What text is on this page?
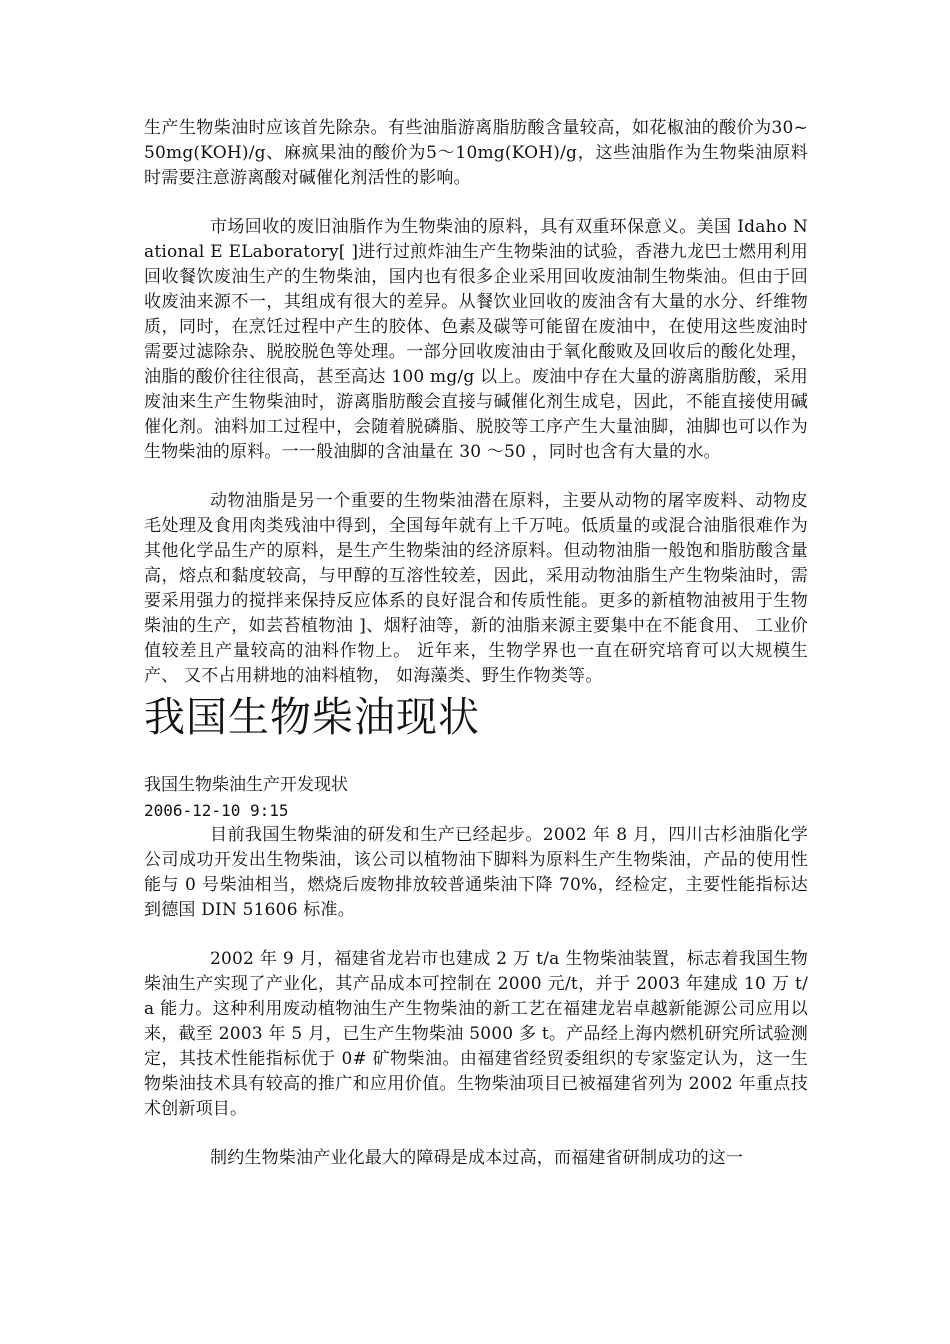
生产生物柴油时应该首先除杂。有些油脂游离脂肪酸含量较高，如花椒油的酸价为30~50mg(KOH)/g、麻疯果油的酸价为5～10mg(KOH)/g，这些油脂作为生物柴油原料时需要注意游离酸对碱催化剂活性的影响。

市场回收的废旧油脂作为生物柴油的原料，具有双重环保意义。美国 Idaho National E ELaboratory[ ]进行过煎炸油生产生物柴油的试验，香港九龙巴士燃用利用回收餐饮废油生产的生物柴油，国内也有很多企业采用回收废油制生物柴油。但由于回收废油来源不一，其组成有很大的差异。从餐饮业回收的废油含有大量的水分、纤维物质，同时，在烹饪过程中产生的胶体、色素及碳等可能留在废油中，在使用这些废油时需要过滤除杂、脱胶脱色等处理。一部分回收废油由于氧化酸败及回收后的酸化处理，油脂的酸价往往很高，甚至高达 100 mg/g 以上。废油中存在大量的游离脂肪酸，采用废油来生产生物柴油时，游离脂肪酸会直接与碱催化剂生成皂，因此，不能直接使用碱催化剂。油料加工过程中，会随着脱磷脂、脱胶等工序产生大量油脚，油脚也可以作为生物柴油的原料。一一般油脚的含油量在 30 ～50 ，同时也含有大量的水。

动物油脂是另一个重要的生物柴油潜在原料，主要从动物的屠宰废料、动物皮毛处理及食用肉类残油中得到，全国每年就有上千万吨。低质量的或混合油脂很难作为其他化学品生产的原料，是生产生物柴油的经济原料。但动物油脂一般饱和脂肪酸含量高，熔点和黏度较高，与甲醇的互溶性较差，因此，采用动物油脂生产生物柴油时，需要采用强力的搅拌来保持反应体系的良好混合和传质性能。更多的新植物油被用于生物柴油的生产，如芸苔植物油 ]、烟籽油等，新的油脂来源主要集中在不能食用、 工业价值较差且产量较高的油料作物上。 近年来，生物学界也一直在研究培育可以大规模生产、 又不占用耕地的油料植物， 如海藻类、野生作物类等。

我国生物柴油现状

我国生物柴油生产开发现状

2006-12-10 9:15

目前我国生物柴油的研发和生产已经起步。2002 年 8 月，四川古杉油脂化学公司成功开发出生物柴油，该公司以植物油下脚料为原料生产生物柴油，产品的使用性能与 0 号柴油相当，燃烧后废物排放较普通柴油下降 70%，经检定，主要性能指标达到德国 DIN 51606 标准。

2002 年 9 月，福建省龙岩市也建成 2 万 t/a 生物柴油装置，标志着我国生物柴油生产实现了产业化，其产品成本可控制在 2000 元/t，并于 2003 年建成 10 万 t/a 能力。这种利用废动植物油生产生物柴油的新工艺在福建龙岩卓越新能源公司应用以来，截至 2003 年 5 月，已生产生物柴油 5000 多 t。产品经上海内燃机研究所试验测定，其技术性能指标优于 0# 矿物柴油。由福建省经贸委组织的专家鉴定认为，这一生物柴油技术具有较高的推广和应用价值。生物柴油项目已被福建省列为 2002 年重点技术创新项目。

制约生物柴油产业化最大的障碍是成本过高，而福建省研制成功的这一
